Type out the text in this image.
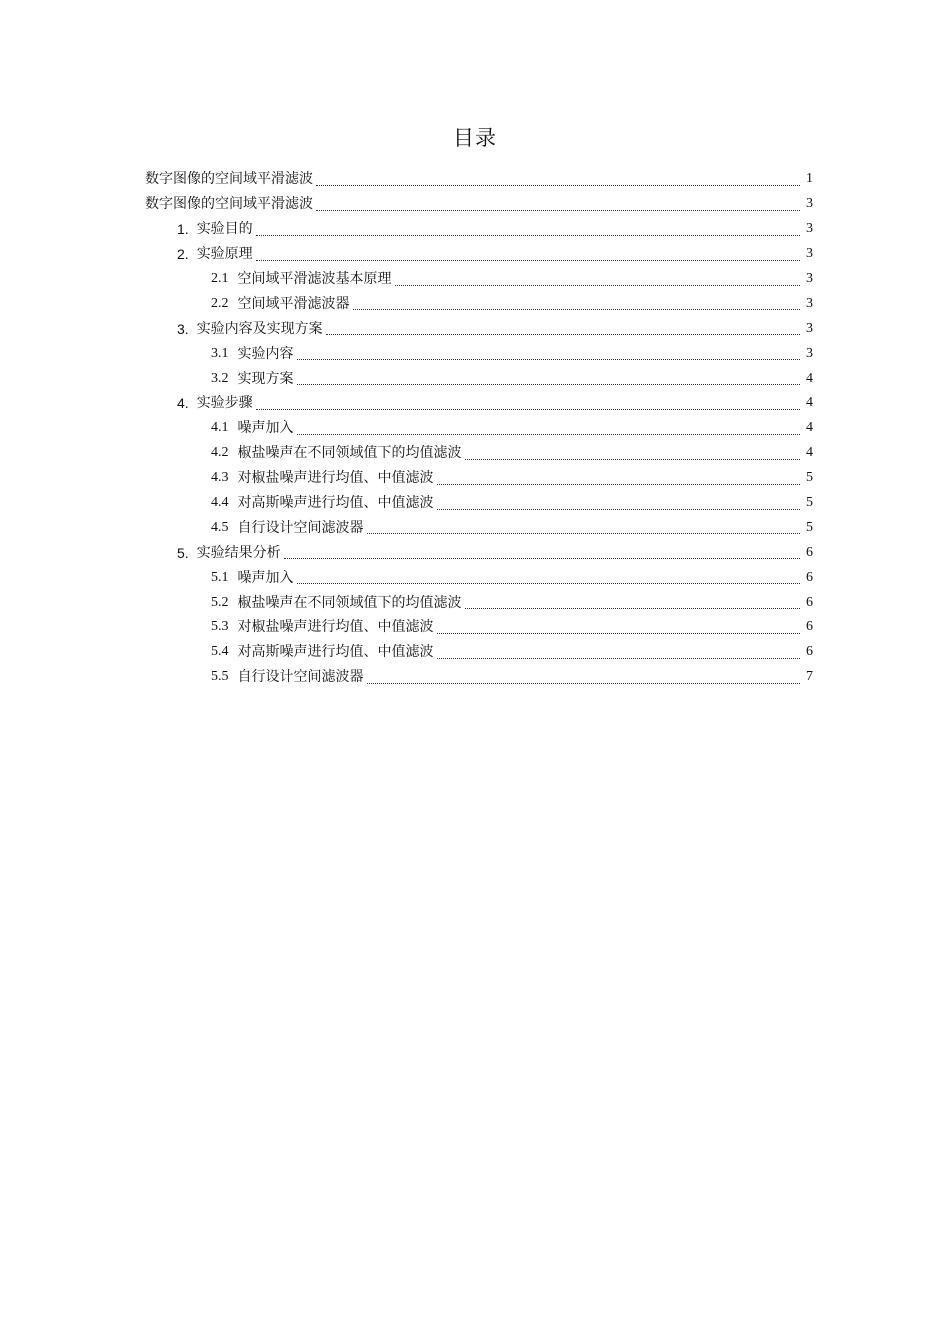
目录
数字图像的空间域平滑滤波	1
数字图像的空间域平滑滤波	3
1. 实验目的	3
2. 实验原理	3
2.1 空间域平滑滤波基本原理	3
2.2 空间域平滑滤波器	3
3. 实验内容及实现方案	3
3.1 实验内容	3
3.2 实现方案	4
4. 实验步骤	4
4.1 噪声加入	4
4.2 椒盐噪声在不同领域值下的均值滤波	4
4.3 对椒盐噪声进行均值、中值滤波	5
4.4 对高斯噪声进行均值、中值滤波	5
4.5 自行设计空间滤波器	5
5. 实验结果分析	6
5.1 噪声加入	6
5.2 椒盐噪声在不同领域值下的均值滤波	6
5.3 对椒盐噪声进行均值、中值滤波	6
5.4 对高斯噪声进行均值、中值滤波	6
5.5 自行设计空间滤波器	7
